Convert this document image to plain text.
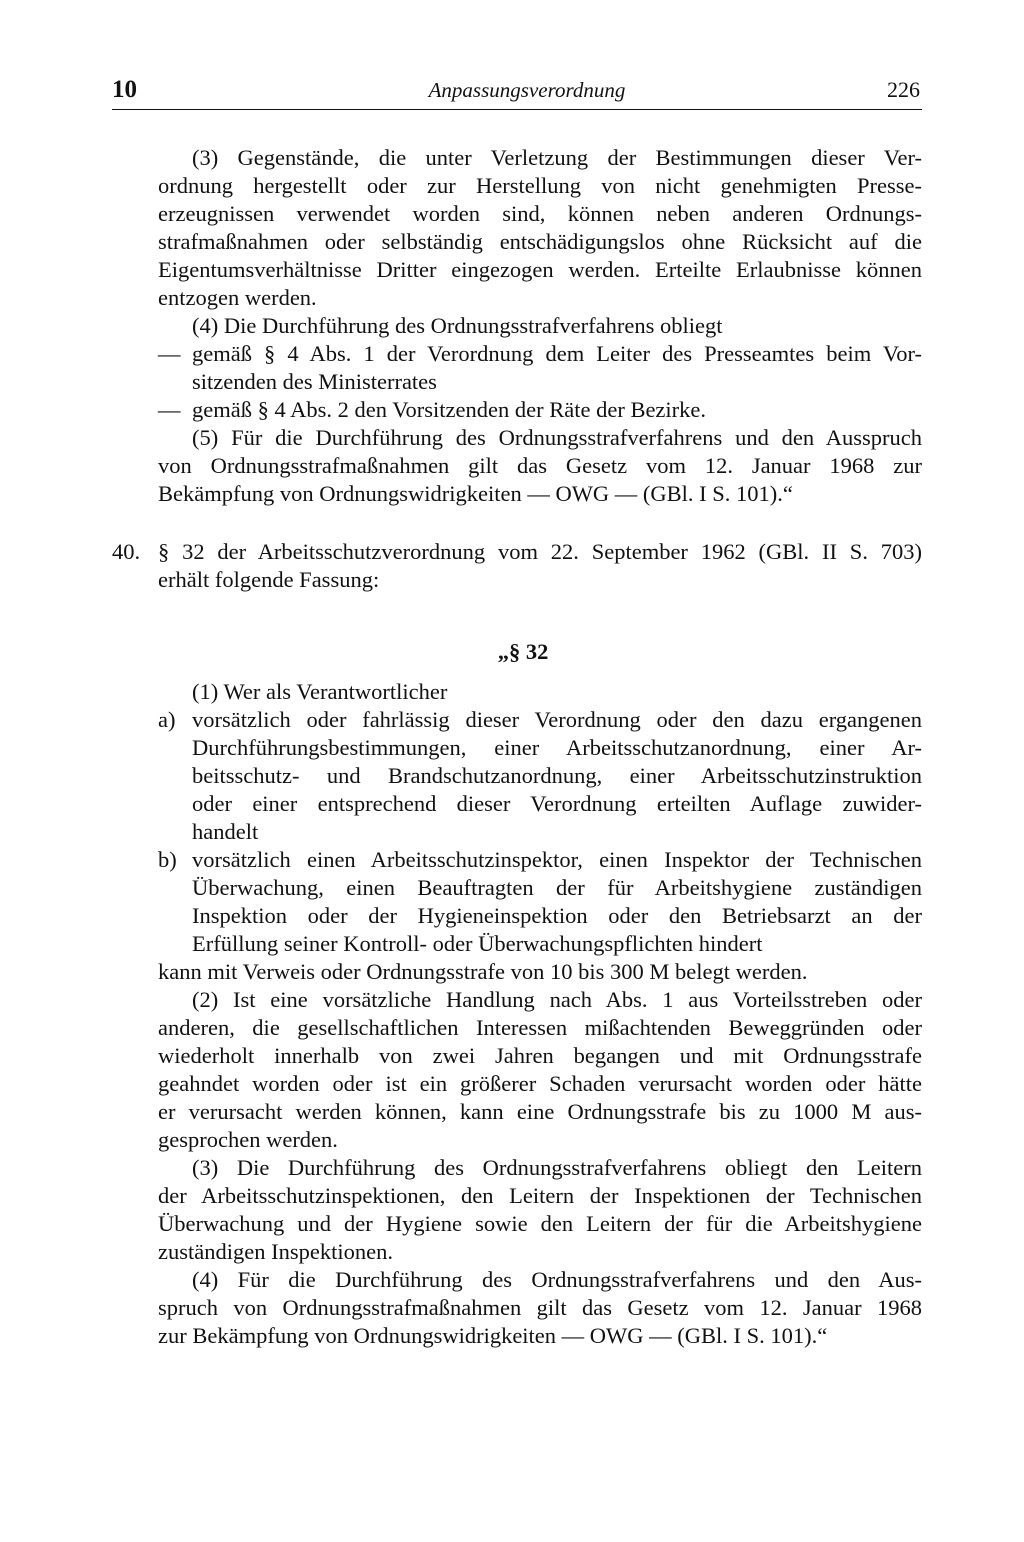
10	Anpassungsverordnung	226
(3) Gegenstände, die unter Verletzung der Bestimmungen dieser Ver-
ordnung hergestellt oder zur Herstellung von nicht genehmigten Presse-
erzeugnissen verwendet worden sind, können neben anderen Ordnungs-
strafmaßnahmen oder selbständig entschädigungslos ohne Rücksicht auf die
Eigentumsverhältnisse Dritter eingezogen werden. Erteilte Erlaubnisse können
entzogen werden.
(4) Die Durchführung des Ordnungsstrafverfahrens obliegt
— gemäß § 4 Abs. 1 der Verordnung dem Leiter des Presseamtes beim Vor-
sitzenden des Ministerrates
— gemäß § 4 Abs. 2 den Vorsitzenden der Räte der Bezirke.
(5) Für die Durchführung des Ordnungsstrafverfahrens und den Ausspruch
von Ordnungsstrafmaßnahmen gilt das Gesetz vom 12. Januar 1968 zur
Bekämpfung von Ordnungswidrigkeiten — OWG — (GBl. I S. 101).“
40. § 32 der Arbeitsschutzverordnung vom 22. September 1962 (GBl. II S. 703)
erhält folgende Fassung:
„§ 32
(1) Wer als Verantwortlicher
a) vorsätzlich oder fahrlässig dieser Verordnung oder den dazu ergangenen
Durchführungsbestimmungen, einer Arbeitsschutzanordnung, einer Ar-
beitsschutz- und Brandschutzanordnung, einer Arbeitsschutzinstruktion
oder einer entsprechend dieser Verordnung erteilten Auflage zuwider-
handelt
b) vorsätzlich einen Arbeitsschutzinspektor, einen Inspektor der Technischen
Überwachung, einen Beauftragten der für Arbeitshygiene zuständigen
Inspektion oder der Hygieneinspektion oder den Betriebsarzt an der
Erfüllung seiner Kontroll- oder Überwachungspflichten hindert
kann mit Verweis oder Ordnungsstrafe von 10 bis 300 M belegt werden.
(2) Ist eine vorsätzliche Handlung nach Abs. 1 aus Vorteilsstreben oder
anderen, die gesellschaftlichen Interessen mißachtenden Beweggründen oder
wiederholt innerhalb von zwei Jahren begangen und mit Ordnungsstrafe
geahndet worden oder ist ein größerer Schaden verursacht worden oder hätte
er verursacht werden können, kann eine Ordnungsstrafe bis zu 1000 M aus-
gesprochen werden.
(3) Die Durchführung des Ordnungsstrafverfahrens obliegt den Leitern
der Arbeitsschutzinspektionen, den Leitern der Inspektionen der Technischen
Überwachung und der Hygiene sowie den Leitern der für die Arbeitshygiene
zuständigen Inspektionen.
(4) Für die Durchführung des Ordnungsstrafverfahrens und den Aus-
spruch von Ordnungsstrafmaßnahmen gilt das Gesetz vom 12. Januar 1968
zur Bekämpfung von Ordnungswidrigkeiten — OWG — (GBl. I S. 101).“
